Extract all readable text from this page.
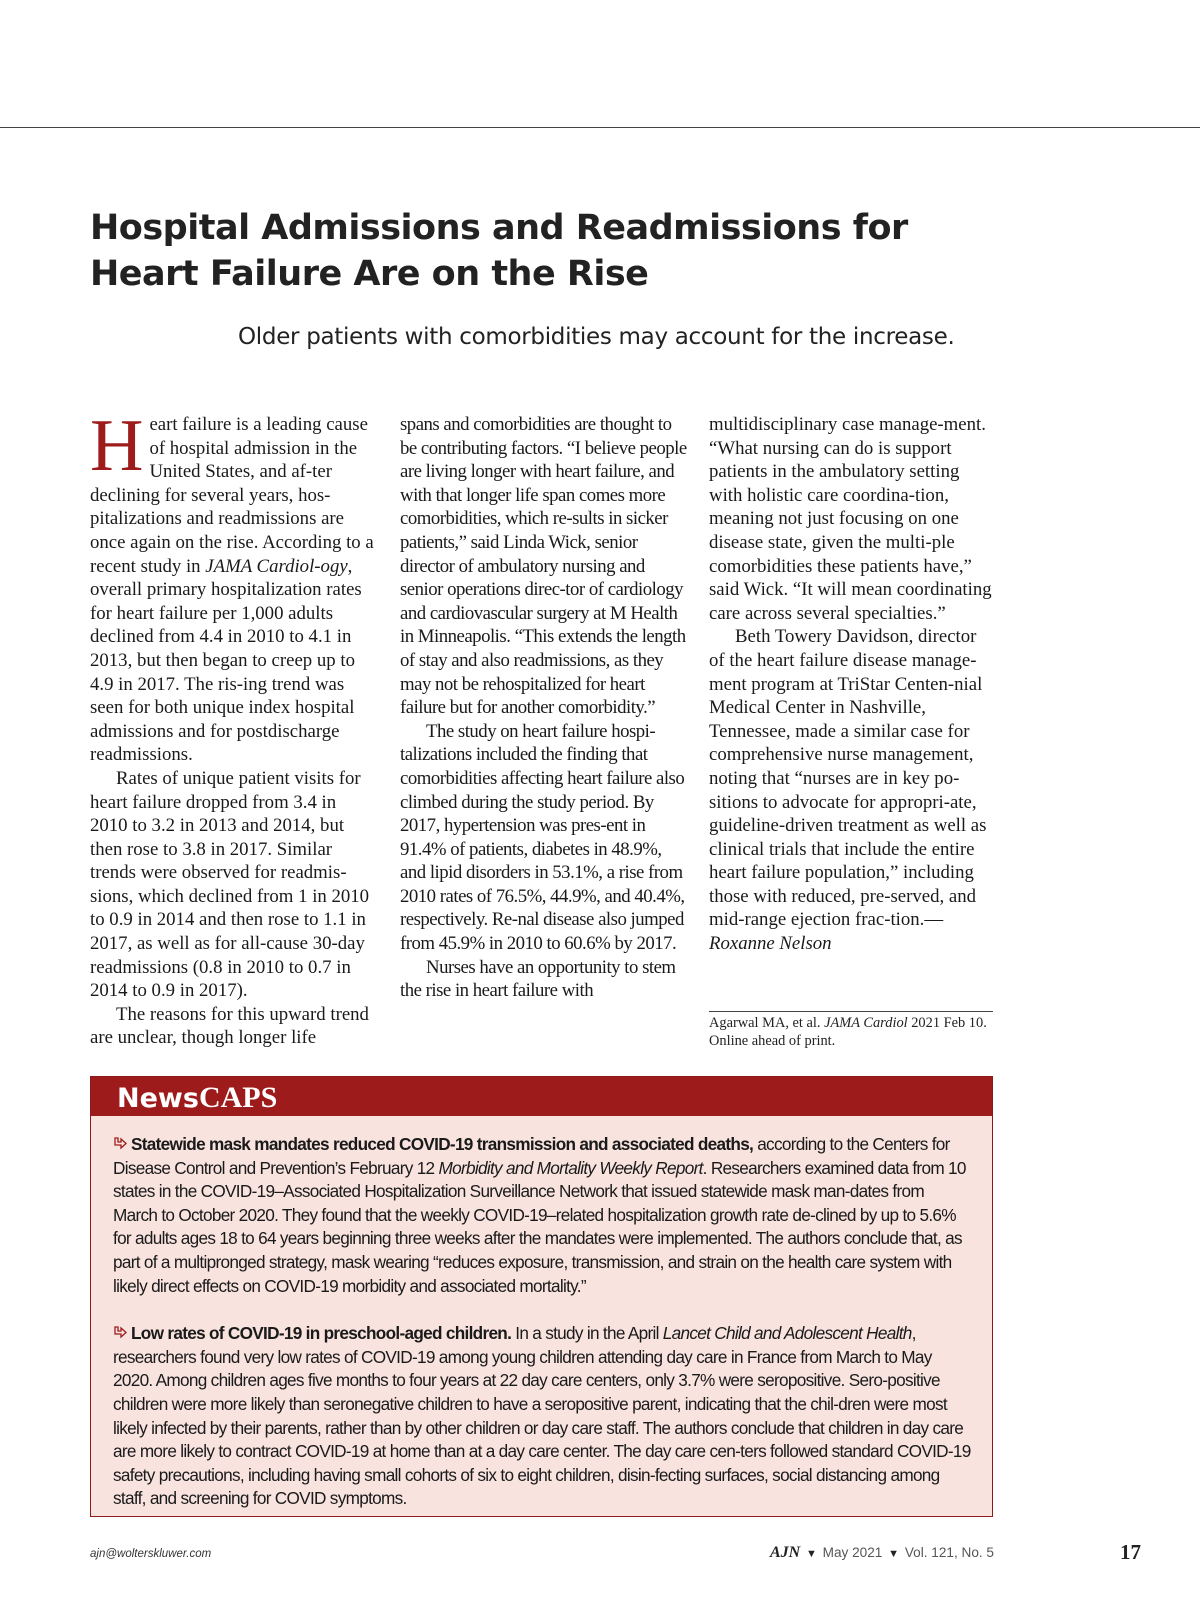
Hospital Admissions and Readmissions for Heart Failure Are on the Rise

Older patients with comorbidities may account for the increase.

Heart failure is a leading cause of hospital admission in the United States, and af-ter declining for several years, hos-pitalizations and readmissions are once again on the rise. According to a recent study in JAMA Cardiol-ogy, overall primary hospitalization rates for heart failure per 1,000 adults declined from 4.4 in 2010 to 4.1 in 2013, but then began to creep up to 4.9 in 2017. The ris-ing trend was seen for both unique index hospital admissions and for postdischarge readmissions.

Rates of unique patient visits for heart failure dropped from 3.4 in 2010 to 3.2 in 2013 and 2014, but then rose to 3.8 in 2017. Similar trends were observed for readmis-sions, which declined from 1 in 2010 to 0.9 in 2014 and then rose to 1.1 in 2017, as well as for all-cause 30-day readmissions (0.8 in 2010 to 0.7 in 2014 to 0.9 in 2017).

The reasons for this upward trend are unclear, though longer life

spans and comorbidities are thought to be contributing factors. “I believe people are living longer with heart failure, and with that longer life span comes more comorbidities, which re-sults in sicker patients,” said Linda Wick, senior director of ambulatory nursing and senior operations direc-tor of cardiology and cardiovascular surgery at M Health in Minneapolis. “This extends the length of stay and also readmissions, as they may not be rehospitalized for heart failure but for another comorbidity.”

The study on heart failure hospi-talizations included the finding that comorbidities affecting heart failure also climbed during the study period. By 2017, hypertension was pres-ent in 91.4% of patients, diabetes in 48.9%, and lipid disorders in 53.1%, a rise from 2010 rates of 76.5%, 44.9%, and 40.4%, respectively. Re-nal disease also jumped from 45.9% in 2010 to 60.6% by 2017.

Nurses have an opportunity to stem the rise in heart failure with

multidisciplinary case manage-ment. “What nursing can do is support patients in the ambulatory setting with holistic care coordina-tion, meaning not just focusing on one disease state, given the multi-ple comorbidities these patients have,” said Wick. “It will mean coordinating care across several specialties.”

Beth Towery Davidson, director of the heart failure disease manage-ment program at TriStar Centen-nial Medical Center in Nashville, Tennessee, made a similar case for comprehensive nurse management, noting that “nurses are in key po-sitions to advocate for appropri-ate, guideline-driven treatment as well as clinical trials that include the entire heart failure population,” including those with reduced, pre-served, and mid-range ejection frac-tion.—Roxanne Nelson

Agarwal MA, et al. JAMA Cardiol 2021 Feb 10. Online ahead of print.
NewsCAPS

Statewide mask mandates reduced COVID-19 transmission and associated deaths, according to the Centers for Disease Control and Prevention’s February 12 Morbidity and Mortality Weekly Report. Researchers examined data from 10 states in the COVID-19–Associated Hospitalization Surveillance Network that issued statewide mask man-dates from March to October 2020. They found that the weekly COVID-19–related hospitalization growth rate de-clined by up to 5.6% for adults ages 18 to 64 years beginning three weeks after the mandates were implemented. The authors conclude that, as part of a multipronged strategy, mask wearing “reduces exposure, transmission, and strain on the health care system with likely direct effects on COVID-19 morbidity and associated mortality.”

Low rates of COVID-19 in preschool-aged children. In a study in the April Lancet Child and Adolescent Health, researchers found very low rates of COVID-19 among young children attending day care in France from March to May 2020. Among children ages five months to four years at 22 day care centers, only 3.7% were seropositive. Sero-positive children were more likely than seronegative children to have a seropositive parent, indicating that the chil-dren were most likely infected by their parents, rather than by other children or day care staff. The authors conclude that children in day care are more likely to contract COVID-19 at home than at a day care center. The day care cen-ters followed standard COVID-19 safety precautions, including having small cohorts of six to eight children, disin-fecting surfaces, social distancing among staff, and screening for COVID symptoms.

ajn@wolterskluwer.com	AJN ▼ May 2021 ▼ Vol. 121, No. 5	17
